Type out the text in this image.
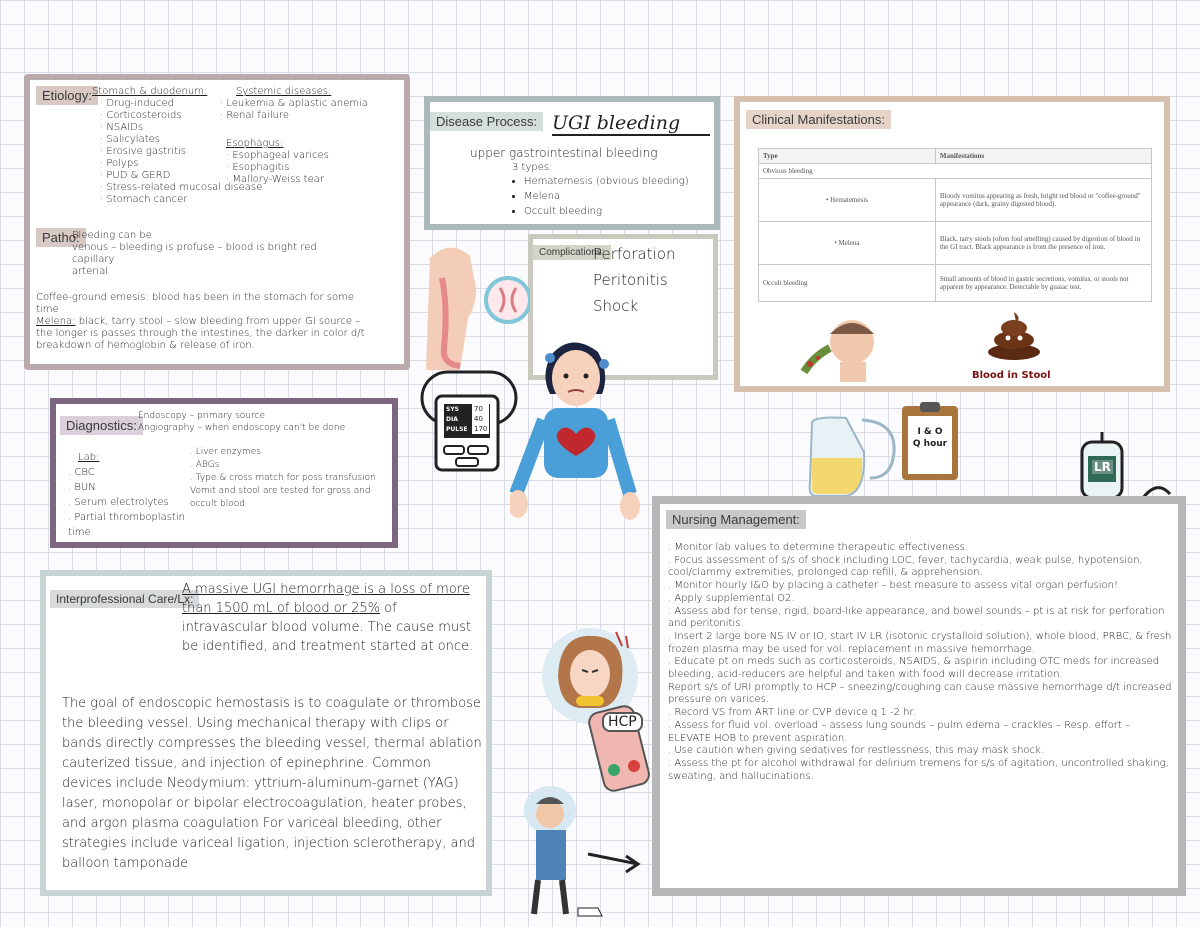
Etiology: Stomach & duodenum:
· Drug-induced
· Corticosteroids
· NSAIDs
· Salicylates
· Erosive gastritis
· Polyps
· PUD & GERD
· Stress-related mucosal disease
· Stomach cancer
Systemic diseases:
· Leukemia & aplastic anemia
· Renal failure
Esophagus:
· Esophageal varices
· Esophagitis
· Mallory-Weiss tear
Patho:
Bleeding can be
venous – bleeding is profuse – blood is bright red
capillary
arterial
Coffee-ground emesis: blood has been in the stomach for some time
Melena: black, tarry stool – slow bleeding from upper GI source – the longer is passes through the intestines, the darker in color d/t breakdown of hemoglobin & release of iron.
Disease Process: UGI bleeding
upper gastrointestinal bleeding
3 types:
• Hematemesis (obvious bleeding)
• Melena
• Occult bleeding
Complications:
Perforation
Peritonitis
Shock
Clinical Manifestations:
Type	Manifestations
Obvious bleeding	
• Hematemesis	Bloody vomitus appearing as fresh, bright red blood or "coffee-ground" appearance (dark, grainy digested blood).
• Melena	Black, tarry stools (often foul smelling) caused by digestion of blood in the GI tract. Black appearance is from the presence of iron.
Occult bleeding	Small amounts of blood in gastric secretions, vomitus, or stools not apparent by appearance. Detectable by guaiac test.
Blood in Stool
SYS
DIA
PULSE
70
40
170	I & O
Q hour
LR
Diagnostics:
Endoscopy – primary source
Angiography – when endoscopy can't be done
Lab:
. CBC
. BUN
. Serum electrolytes
. Partial thromboplastin time
. Liver enzymes
. ABGs
. Type & cross match for poss transfusion
Vomit and stool are tested for gross and occult blood
Interprofessional Care/Lx:
A massive UGI hemorrhage is a loss of more than 1500 mL of blood or 25% of intravascular blood volume. The cause must be identified, and treatment started at once.
The goal of endoscopic hemostasis is to coagulate or thrombose the bleeding vessel. Using mechanical therapy with clips or bands directly compresses the bleeding vessel, thermal ablation cauterized tissue, and injection of epinephrine. Common devices include Neodymium: yttrium-aluminum-garnet (YAG) laser, monopolar or bipolar electrocoagulation, heater probes, and argon plasma coagulation For variceal bleeding, other strategies include variceal ligation, injection sclerotherapy, and balloon tamponade
HCP
Nursing Management:
. Monitor lab values to determine therapeutic effectiveness.
. Focus assessment of s/s of shock including LOC, fever, tachycardia, weak pulse, hypotension, cool/clammy extremities, prolonged cap refill, & apprehension.
. Monitor hourly I&O by placing a catheter – best measure to assess vital organ perfusion!
. Apply supplemental O2.
. Assess abd for tense, rigid, board-like appearance, and bowel sounds – pt is at risk for perforation and peritonitis.
. Insert 2 large bore NS IV or IO, start IV LR (isotonic crystalloid solution), whole blood, PRBC, & fresh frozen plasma may be used for vol. replacement in massive hemorrhage.
. Educate pt on meds such as corticosteroids, NSAIDS, & aspirin including OTC meds for increased bleeding, acid-reducers are helpful and taken with food will decrease irritation.
Report s/s of URI promptly to HCP – sneezing/coughing can cause massive hemorrhage d/t increased pressure on varices.
. Record VS from ART line or CVP device q 1 -2 hr.
. Assess for fluid vol. overload – assess lung sounds – pulm edema – crackles – Resp. effort – ELEVATE HOB to prevent aspiration.
. Use caution when giving sedatives for restlessness, this may mask shock.
. Assess the pt for alcohol withdrawal for delirium tremens for s/s of agitation, uncontrolled shaking, sweating, and hallucinations.
